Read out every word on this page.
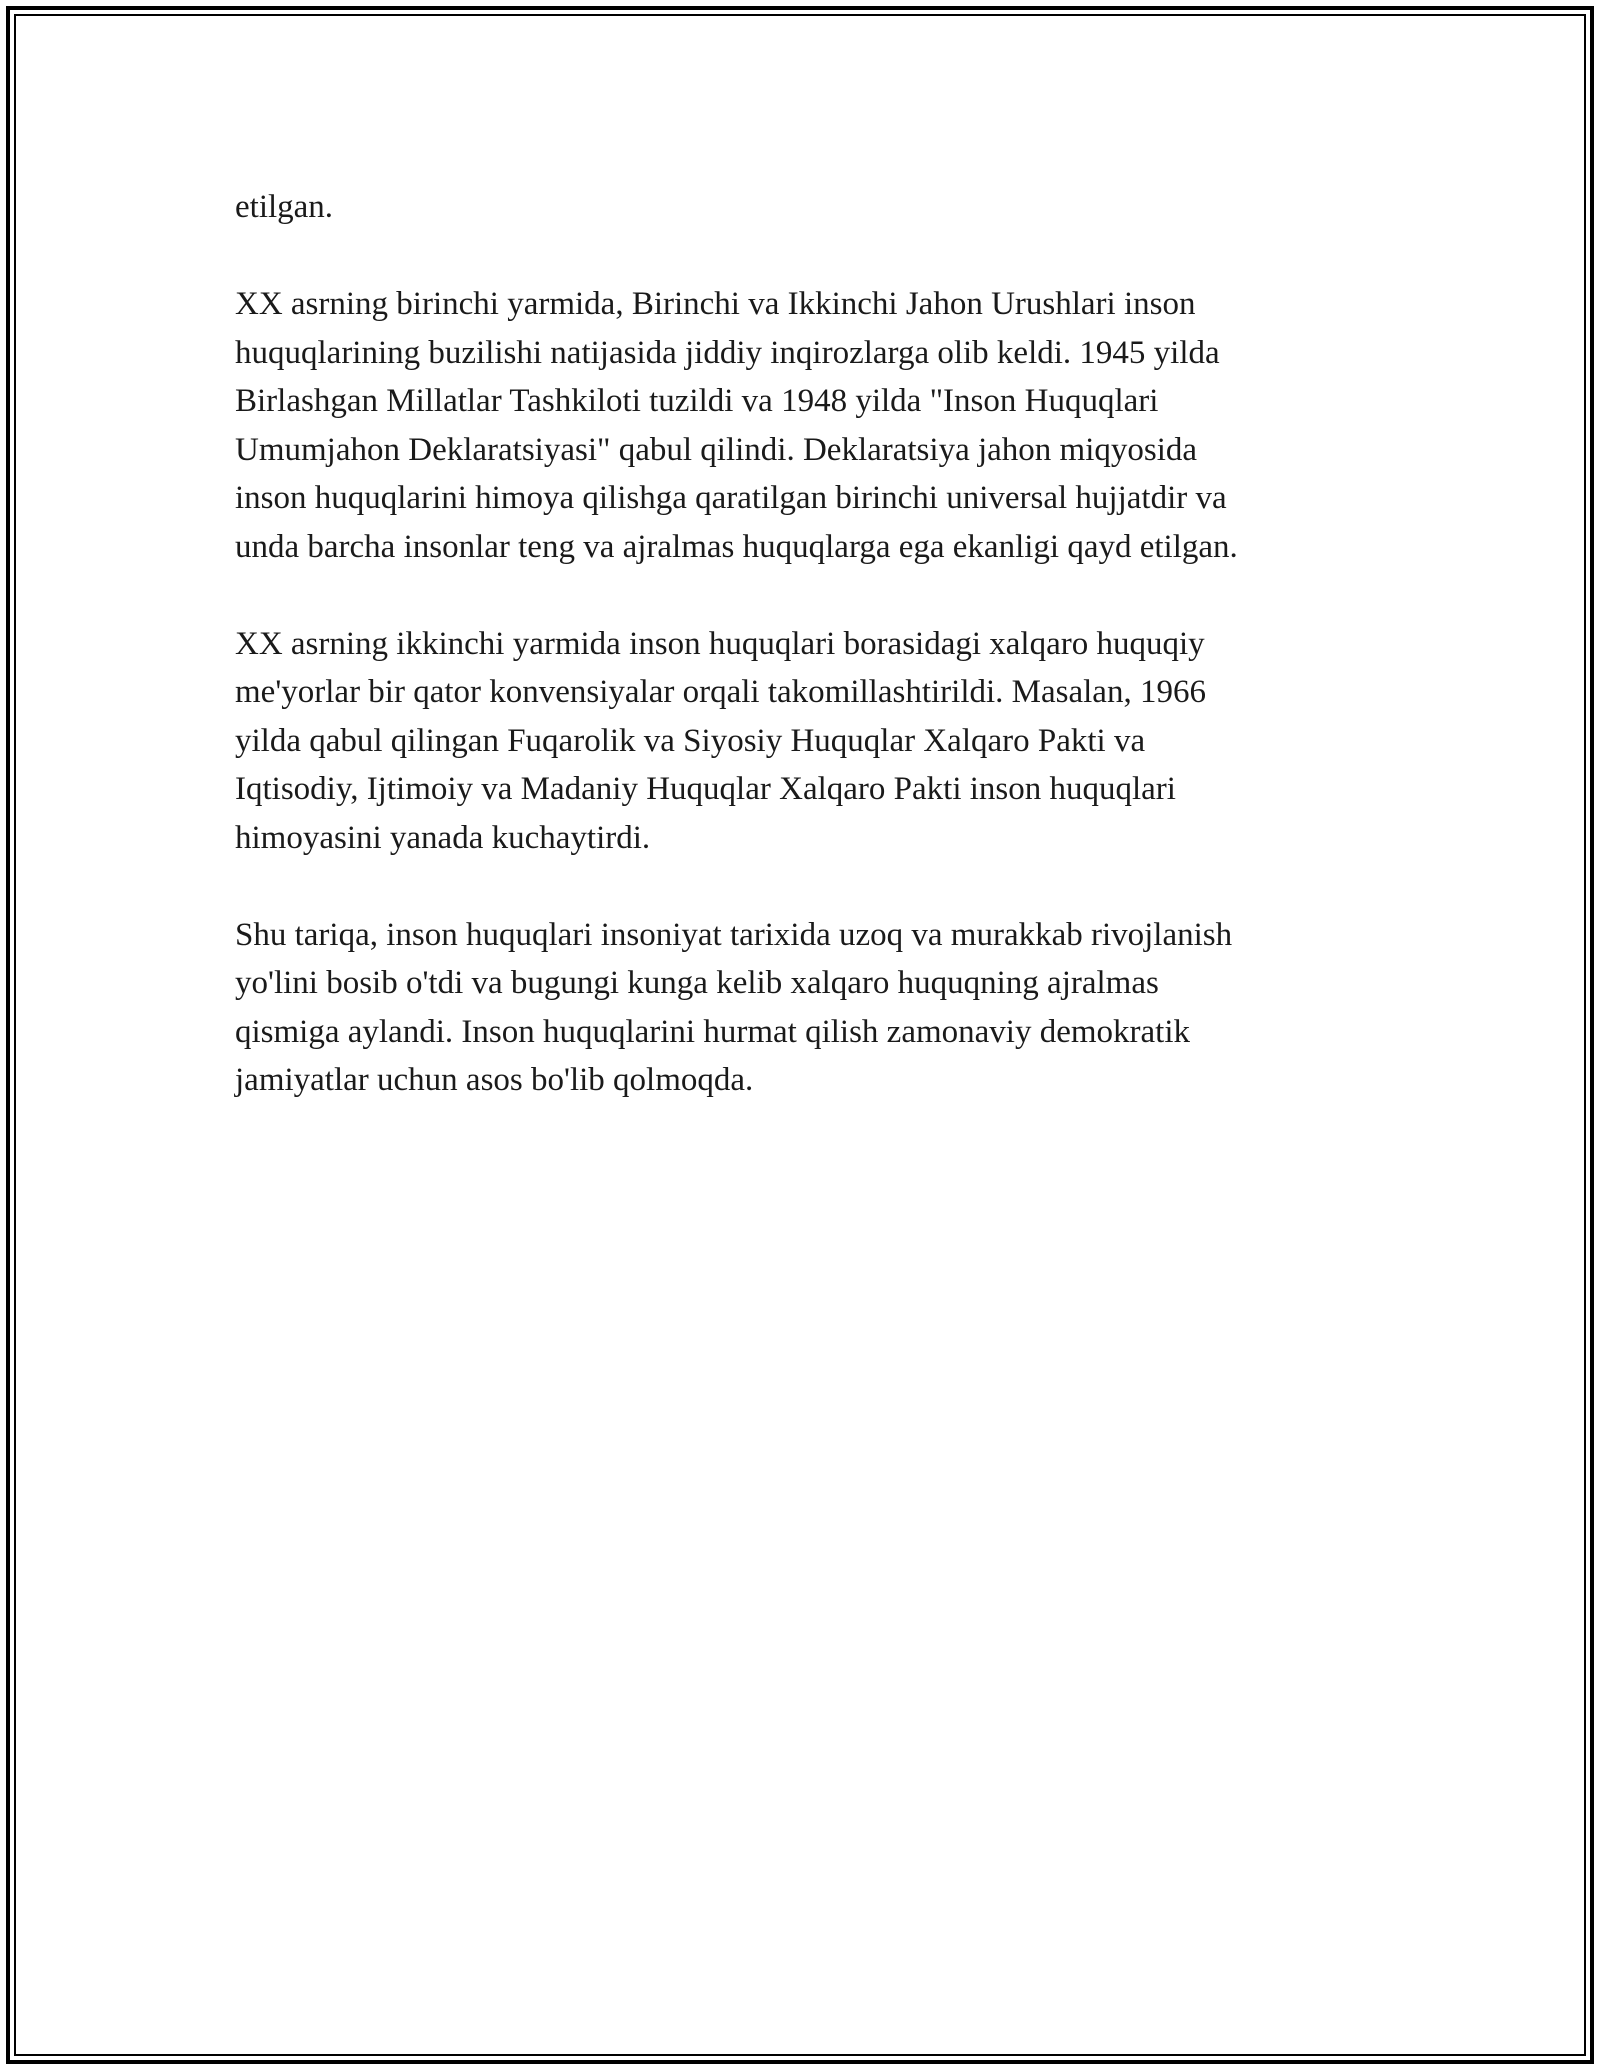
etilgan.

XX asrning birinchi yarmida, Birinchi va Ikkinchi Jahon Urushlari inson
huquqlarining buzilishi natijasida jiddiy inqirozlarga olib keldi. 1945 yilda
Birlashgan Millatlar Tashkiloti tuzildi va 1948 yilda "Inson Huquqlari
Umumjahon Deklaratsiyasi" qabul qilindi. Deklaratsiya jahon miqyosida
inson huquqlarini himoya qilishga qaratilgan birinchi universal hujjatdir va
unda barcha insonlar teng va ajralmas huquqlarga ega ekanligi qayd etilgan.

XX asrning ikkinchi yarmida inson huquqlari borasidagi xalqaro huquqiy
me'yorlar bir qator konvensiyalar orqali takomillashtirildi. Masalan, 1966
yilda qabul qilingan Fuqarolik va Siyosiy Huquqlar Xalqaro Pakti va
Iqtisodiy, Ijtimoiy va Madaniy Huquqlar Xalqaro Pakti inson huquqlari
himoyasini yanada kuchaytirdi.

Shu tariqa, inson huquqlari insoniyat tarixida uzoq va murakkab rivojlanish
yo'lini bosib o'tdi va bugungi kunga kelib xalqaro huquqning ajralmas
qismiga aylandi. Inson huquqlarini hurmat qilish zamonaviy demokratik
jamiyatlar uchun asos bo'lib qolmoqda.
